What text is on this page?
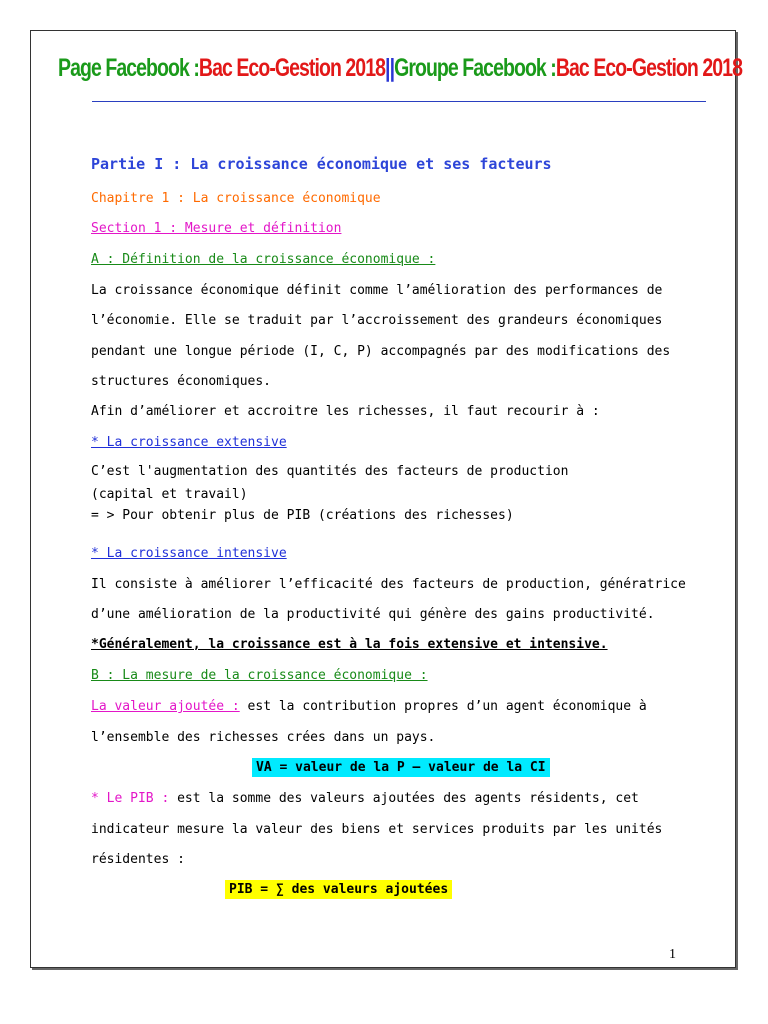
Page Facebook : Bac Eco-Gestion 2018 || Groupe Facebook : Bac Eco-Gestion 2018
Partie I : La croissance économique et ses facteurs
Chapitre 1 : La croissance économique
Section 1 : Mesure et définition
A : Définition de la croissance économique :
La croissance économique définit comme l’amélioration des performances de
l’économie. Elle se traduit par l’accroissement des grandeurs économiques
pendant une longue période (I, C, P) accompagnés par des modifications des
structures économiques.
Afin d’améliorer et accroitre les richesses, il faut recourir à :
* La croissance extensive
C’est l'augmentation des quantités des facteurs de production
(capital et travail)
= > Pour obtenir plus de PIB (créations des richesses)
* La croissance intensive
Il consiste à améliorer l’efficacité des facteurs de production, génératrice
d’une amélioration de la productivité qui génère des gains productivité.
*Généralement, la croissance est à la fois extensive et intensive.
B : La mesure de la croissance économique :
La valeur ajoutée : est la contribution propres d’un agent économique à
l’ensemble des richesses crées dans un pays.
VA = valeur de la P – valeur de la CI
* Le PIB : est la somme des valeurs ajoutées des agents résidents, cet
indicateur mesure la valeur des biens et services produits par les unités
résidentes :
PIB = ∑ des valeurs ajoutées
1
